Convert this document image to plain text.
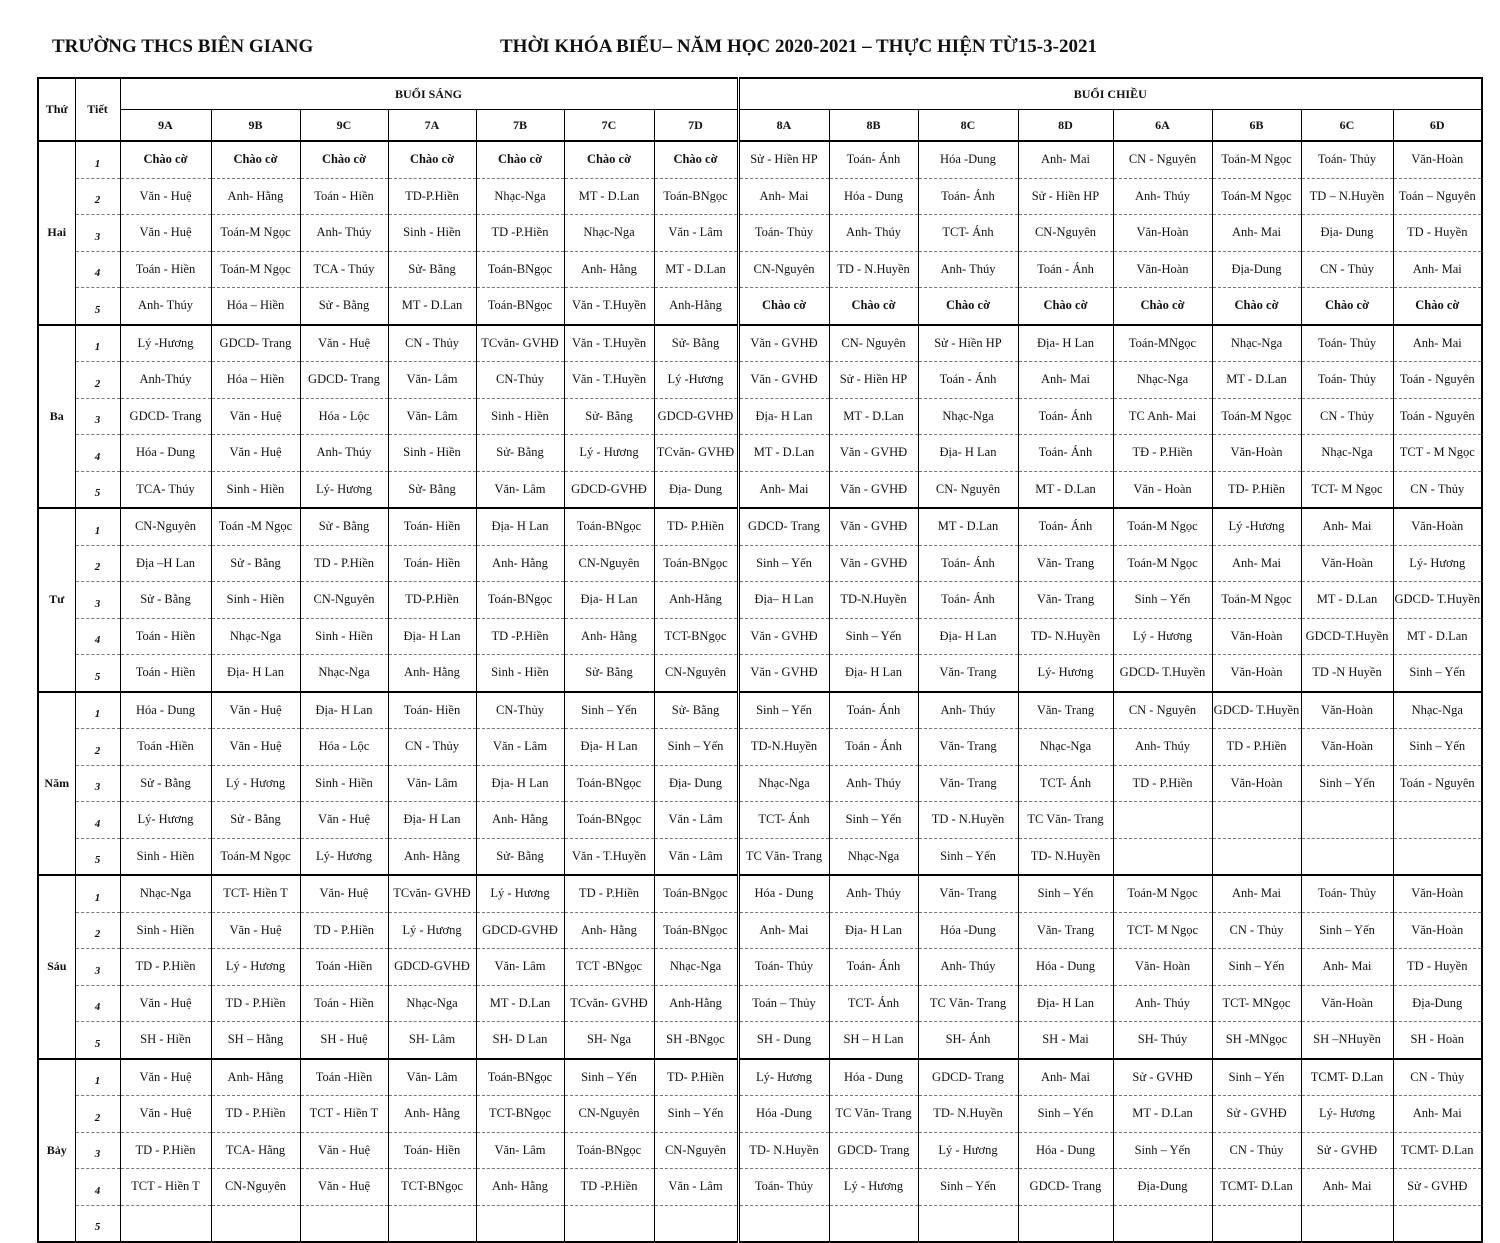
TRƯỜNG THCS BIÊN GIANG	THỜI KHÓA BIỂU– NĂM HỌC 2020-2021 – THỰC HIỆN TỪ15-3-2021
Thứ	Tiết	BUỔI SÁNG							BUỔI CHIỀU							
		9A	9B	9C	7A	7B	7C	7D	8A	8B	8C	8D	6A	6B	6C	6D
Hai	1	Chào cờ	Chào cờ	Chào cờ	Chào cờ	Chào cờ	Chào cờ	Chào cờ	Sử - Hiền HP	Toán- Ánh	Hóa -Dung	Anh- Mai	CN - Nguyên	Toán-M Ngọc	Toán- Thủy	Văn-Hoàn
	2	Văn - Huệ	Anh- Hằng	Toán - Hiền	TD-P.Hiền	Nhạc-Nga	MT - D.Lan	Toán-BNgọc	Anh- Mai	Hóa - Dung	Toán- Ánh	Sử - Hiền HP	Anh- Thúy	Toán-M Ngọc	TD – N.Huyền	Toán – Nguyên
	3	Văn - Huệ	Toán-M Ngọc	Anh- Thúy	Sinh - Hiền	TD -P.Hiền	Nhạc-Nga	Văn - Lâm	Toán- Thủy	Anh- Thúy	TCT- Ánh	CN-Nguyên	Văn-Hoàn	Anh- Mai	Địa- Dung	TD - Huyền
	4	Toán - Hiền	Toán-M Ngọc	TCA - Thúy	Sử- Bằng	Toán-BNgọc	Anh- Hằng	MT - D.Lan	CN-Nguyên	TD - N.Huyền	Anh- Thúy	Toán - Ánh	Văn-Hoàn	Địa-Dung	CN - Thủy	Anh- Mai
	5	Anh- Thúy	Hóa – Hiền	Sử - Bằng	MT - D.Lan	Toán-BNgọc	Văn - T.Huyền	Anh-Hằng	Chào cờ	Chào cờ	Chào cờ	Chào cờ	Chào cờ	Chào cờ	Chào cờ	Chào cờ
Ba	1	Lý -Hương	GDCD- Trang	Văn - Huệ	CN - Thủy	TCvăn- GVHĐ	Văn - T.Huyền	Sử- Bằng	Văn - GVHĐ	CN- Nguyên	Sử - Hiền HP	Địa- H Lan	Toán-MNgọc	Nhạc-Nga	Toán- Thủy	Anh- Mai
	2	Anh-Thúy	Hóa – Hiền	GDCD- Trang	Văn- Lâm	CN-Thủy	Văn - T.Huyền	Lý -Hương	Văn - GVHĐ	Sử - Hiền HP	Toán - Ánh	Anh- Mai	Nhạc-Nga	MT - D.Lan	Toán- Thủy	Toán - Nguyên
	3	GDCD- Trang	Văn - Huệ	Hóa - Lộc	Văn- Lâm	Sinh - Hiền	Sử- Bằng	GDCD-GVHĐ	Địa- H Lan	MT - D.Lan	Nhạc-Nga	Toán- Ánh	TC Anh- Mai	Toán-M Ngọc	CN - Thủy	Toán - Nguyên
	4	Hóa - Dung	Văn - Huệ	Anh- Thúy	Sinh - Hiền	Sử- Bằng	Lý - Hương	TCvăn- GVHĐ	MT - D.Lan	Văn - GVHĐ	Địa- H Lan	Toán- Ánh	TĐ - P.Hiền	Văn-Hoàn	Nhạc-Nga	TCT - M Ngọc
	5	TCA- Thúy	Sinh - Hiền	Lý- Hương	Sử- Bằng	Văn- Lâm	GDCD-GVHĐ	Địa- Dung	Anh- Mai	Văn - GVHĐ	CN- Nguyên	MT - D.Lan	Văn - Hoàn	TD- P.Hiền	TCT- M Ngọc	CN - Thủy
Tư	1	CN-Nguyên	Toán -M Ngọc	Sử - Bằng	Toán- Hiền	Địa- H Lan	Toán-BNgọc	TD- P.Hiền	GDCD- Trang	Văn - GVHĐ	MT - D.Lan	Toán- Ánh	Toán-M Ngọc	Lý -Hương	Anh- Mai	Văn-Hoàn
	2	Địa –H Lan	Sử - Bằng	TD - P.Hiền	Toán- Hiền	Anh- Hằng	CN-Nguyên	Toán-BNgọc	Sinh – Yến	Văn - GVHĐ	Toán- Ánh	Văn- Trang	Toán-M Ngọc	Anh- Mai	Văn-Hoàn	Lý- Hương
	3	Sử - Bằng	Sinh - Hiền	CN-Nguyên	TD-P.Hiền	Toán-BNgọc	Địa- H Lan	Anh-Hằng	Địa– H Lan	TD-N.Huyền	Toán- Ánh	Văn- Trang	Sinh – Yến	Toán-M Ngọc	MT - D.Lan	GDCD- T.Huyền
	4	Toán - Hiền	Nhạc-Nga	Sinh - Hiền	Địa- H Lan	TD -P.Hiền	Anh- Hằng	TCT-BNgọc	Văn - GVHĐ	Sinh – Yến	Địa- H Lan	TD- N.Huyền	Lý - Hương	Văn-Hoàn	GDCD-T.Huyền	MT - D.Lan
	5	Toán - Hiền	Địa- H Lan	Nhạc-Nga	Anh- Hằng	Sinh - Hiền	Sử- Bằng	CN-Nguyên	Văn - GVHĐ	Địa- H Lan	Văn- Trang	Lý- Hương	GDCD- T.Huyền	Văn-Hoàn	TD -N Huyền	Sinh – Yến
Năm	1	Hóa - Dung	Văn - Huệ	Địa- H Lan	Toán- Hiền	CN-Thủy	Sinh – Yến	Sử- Bằng	Sinh – Yến	Toán- Ánh	Anh- Thúy	Văn- Trang	CN - Nguyên	GDCD- T.Huyền	Văn-Hoàn	Nhạc-Nga
	2	Toán -Hiền	Văn - Huệ	Hóa - Lộc	CN - Thủy	Văn - Lâm	Địa- H Lan	Sinh – Yến	TD-N.Huyền	Toán - Ánh	Văn- Trang	Nhạc-Nga	Anh- Thúy	TD - P.Hiền	Văn-Hoàn	Sinh – Yến
	3	Sử - Bằng	Lý - Hương	Sinh - Hiền	Văn- Lâm	Địa- H Lan	Toán-BNgọc	Địa- Dung	Nhạc-Nga	Anh- Thúy	Văn- Trang	TCT- Ánh	TD - P.Hiền	Văn-Hoàn	Sinh – Yến	Toán - Nguyên
	4	Lý- Hương	Sử - Bằng	Văn - Huệ	Địa- H Lan	Anh- Hằng	Toán-BNgọc	Văn - Lâm	TCT- Ánh	Sinh – Yến	TD - N.Huyền	TC Văn- Trang				
	5	Sinh - Hiền	Toán-M Ngọc	Lý- Hương	Anh- Hằng	Sử- Bằng	Văn - T.Huyền	Văn - Lâm	TC Văn- Trang	Nhạc-Nga	Sinh – Yến	TD- N.Huyền				
Sáu	1	Nhạc-Nga	TCT- Hiền T	Văn- Huệ	TCvăn- GVHĐ	Lý - Hương	TD - P.Hiền	Toán-BNgọc	Hóa - Dung	Anh- Thúy	Văn- Trang	Sinh – Yến	Toán-M Ngọc	Anh- Mai	Toán- Thủy	Văn-Hoàn
	2	Sinh - Hiền	Văn - Huệ	TD - P.Hiền	Lý - Hương	GDCD-GVHĐ	Anh- Hằng	Toán-BNgọc	Anh- Mai	Địa- H Lan	Hóa -Dung	Văn- Trang	TCT- M Ngọc	CN - Thủy	Sinh – Yến	Văn-Hoàn
	3	TD - P.Hiền	Lý - Hương	Toán -Hiền	GDCD-GVHĐ	Văn- Lâm	TCT -BNgọc	Nhạc-Nga	Toán- Thủy	Toán- Ánh	Anh- Thúy	Hóa - Dung	Văn- Hoàn	Sinh – Yến	Anh- Mai	TD - Huyền
	4	Văn - Huệ	TD - P.Hiền	Toán - Hiền	Nhạc-Nga	MT - D.Lan	TCvăn- GVHĐ	Anh-Hằng	Toán – Thủy	TCT- Ánh	TC Văn- Trang	Địa- H Lan	Anh- Thúy	TCT- MNgọc	Văn-Hoàn	Địa-Dung
	5	SH - Hiền	SH – Hằng	SH - Huệ	SH- Lâm	SH- D Lan	SH- Nga	SH -BNgọc	SH - Dung	SH – H Lan	SH- Ánh	SH - Mai	SH- Thúy	SH -MNgọc	SH –NHuyền	SH - Hoàn
Bảy	1	Văn - Huệ	Anh- Hằng	Toán -Hiền	Văn- Lâm	Toán-BNgọc	Sinh – Yến	TD- P.Hiền	Lý- Hương	Hóa - Dung	GDCD- Trang	Anh- Mai	Sử - GVHĐ	Sinh – Yến	TCMT- D.Lan	CN - Thủy
	2	Văn - Huệ	TD - P.Hiền	TCT - Hiền T	Anh- Hằng	TCT-BNgọc	CN-Nguyên	Sinh – Yến	Hóa -Dung	TC Văn- Trang	TD- N.Huyền	Sinh – Yến	MT - D.Lan	Sử - GVHĐ	Lý- Hương	Anh- Mai
	3	TD - P.Hiền	TCA- Hằng	Văn - Huệ	Toán- Hiền	Văn- Lâm	Toán-BNgọc	CN-Nguyên	TD- N.Huyền	GDCD- Trang	Lý - Hương	Hóa - Dung	Sinh – Yến	CN - Thủy	Sử - GVHĐ	TCMT- D.Lan
	4	TCT - Hiền T	CN-Nguyên	Văn - Huệ	TCT-BNgọc	Anh- Hằng	TD -P.Hiền	Văn - Lâm	Toán- Thủy	Lý - Hương	Sinh – Yến	GDCD- Trang	Địa-Dung	TCMT- D.Lan	Anh- Mai	Sử - GVHĐ
	5															
